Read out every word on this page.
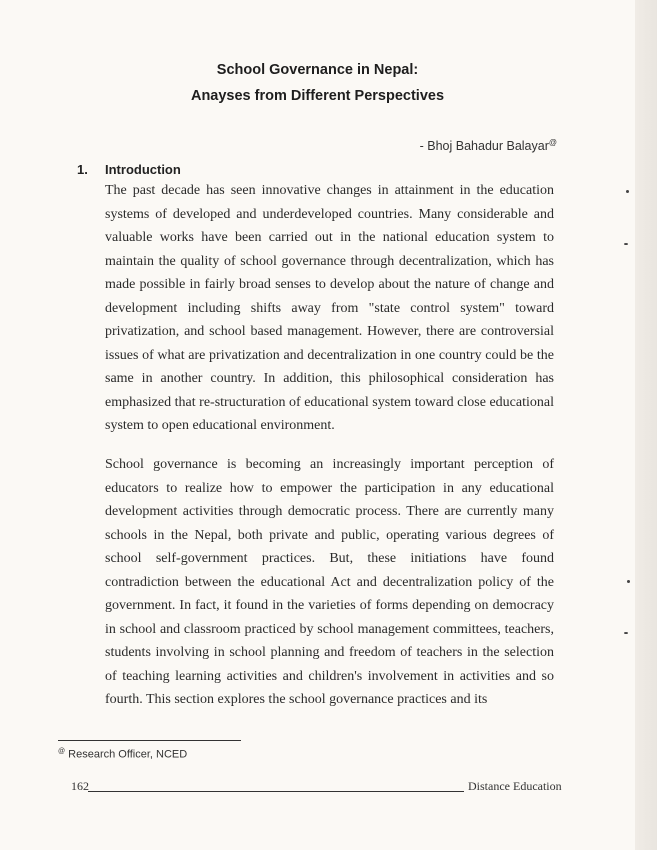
School Governance in Nepal:
Anayses from Different Perspectives
- Bhoj Bahadur Balayar@
1. Introduction

The past decade has seen innovative changes in attainment in the education systems of developed and underdeveloped countries. Many considerable and valuable works have been carried out in the national education system to maintain the quality of school governance through decentralization, which has made possible in fairly broad senses to develop about the nature of change and development including shifts away from "state control system" toward privatization, and school based management. However, there are controversial issues of what are privatization and decentralization in one country could be the same in another country. In addition, this philosophical consideration has emphasized that re-structuration of educational system toward close educational system to open educational environment.

School governance is becoming an increasingly important perception of educators to realize how to empower the participation in any educational development activities through democratic process. There are currently many schools in the Nepal, both private and public, operating various degrees of school self-government practices. But, these initiations have found contradiction between the educational Act and decentralization policy of the government. In fact, it found in the varieties of forms depending on democracy in school and classroom practiced by school management committees, teachers, students involving in school planning and freedom of teachers in the selection of teaching learning activities and children's involvement in activities and so fourth. This section explores the school governance practices and its

@ Research Officer, NCED
162	Distance Education
